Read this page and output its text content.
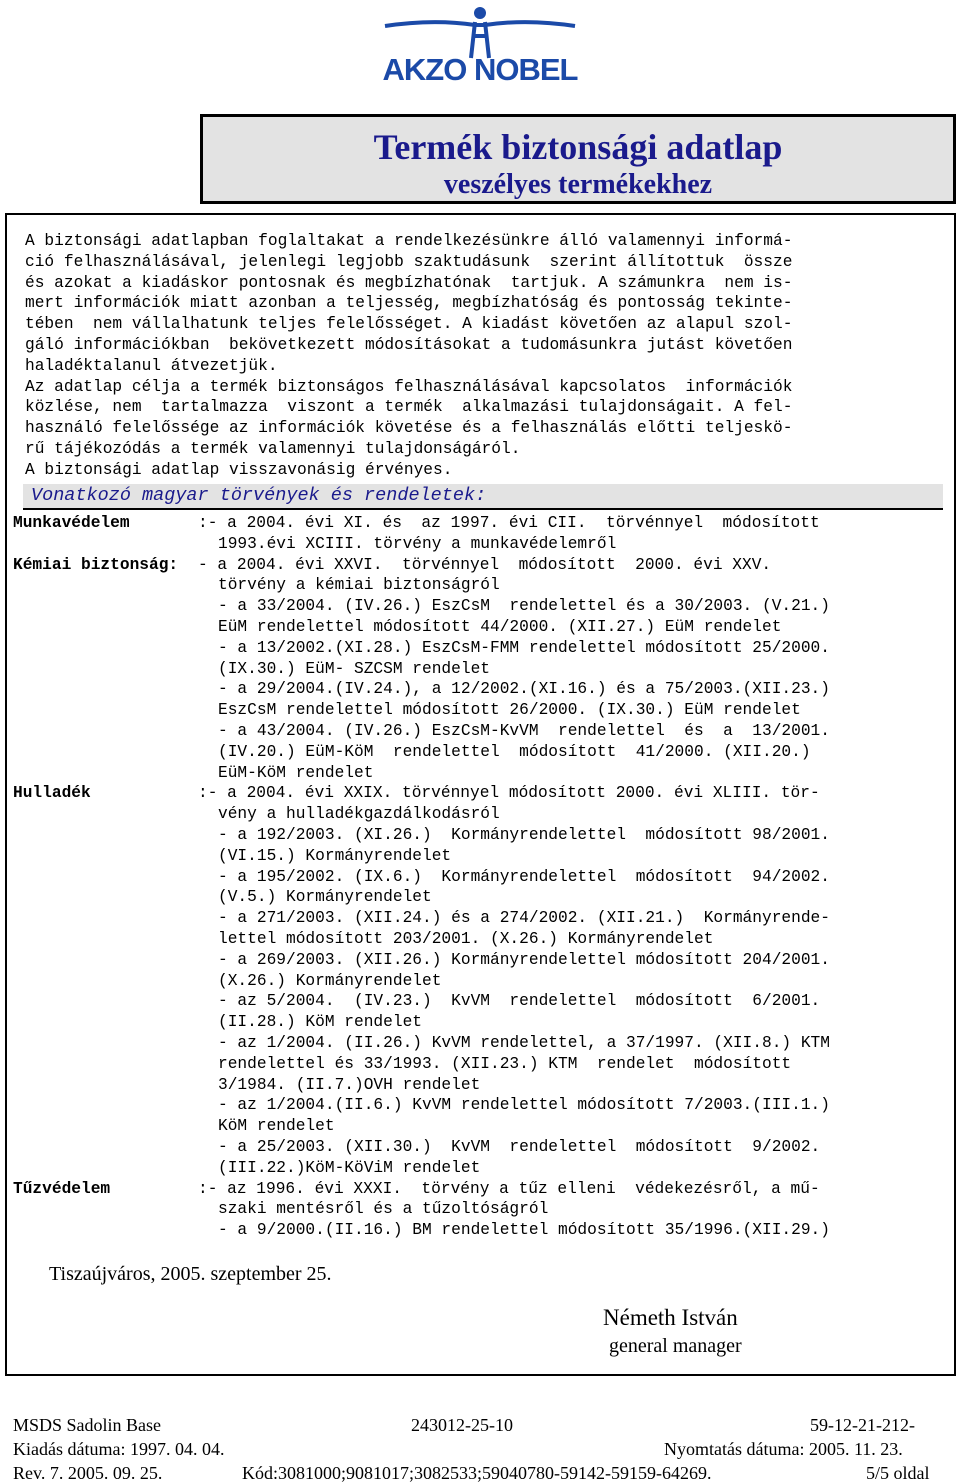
AKZO NOBEL
Termék biztonsági adatlap
veszélyes termékekhez
A biztonsági adatlapban foglaltakat a rendelkezésünkre álló valamennyi informá-
ció felhasználásával, jelenlegi legjobb szaktudásunk  szerint állítottuk  össze
és azokat a kiadáskor pontosnak és megbízhatónak  tartjuk. A számunkra  nem is-
mert információk miatt azonban a teljesség, megbízhatóság és pontosság tekinte-
tében  nem vállalhatunk teljes felelősséget. A kiadást követően az alapul szol-
gáló információkban  bekövetkezett módosításokat a tudomásunkra jutást követően
haladéktalanul átvezetjük.
Az adatlap célja a termék biztonságos felhasználásával kapcsolatos  információk
közlése, nem  tartalmazza  viszont a termék  alkalmazási tulajdonságait. A fel-
használó felelőssége az információk követése és a felhasználás előtti teljeskö-
rű tájékozódás a termék valamennyi tulajdonságáról.
A biztonsági adatlap visszavonásig érvényes.
Vonatkozó magyar törvények és rendeletek:
Munkavédelem	:- a 2004. évi XI. és  az 1997. évi CII.  törvénnyel  módosított
1993.évi XCIII. törvény a munkavédelemről
Kémiai biztonság: - a 2004. évi XXVI.  törvénnyel  módosított  2000. évi XXV.
törvény a kémiai biztonságról
- a 33/2004. (IV.26.) EszCsM  rendelettel és a 30/2003. (V.21.)
EüM rendelettel módosított 44/2000. (XII.27.) EüM rendelet
- a 13/2002.(XI.28.) EszCsM-FMM rendelettel módosított 25/2000.
(IX.30.) EüM- SZCSM rendelet
- a 29/2004.(IV.24.), a 12/2002.(XI.16.) és a 75/2003.(XII.23.)
EszCsM rendelettel módosított 26/2000. (IX.30.) EüM rendelet
- a 43/2004. (IV.26.) EszCsM-KvVM  rendelettel  és  a  13/2001.
(IV.20.) EüM-KöM  rendelettel  módosított  41/2000. (XII.20.)
EüM-KöM rendelet
Hulladék	:- a 2004. évi XXIX. törvénnyel módosított 2000. évi XLIII. tör-
vény a hulladékgazdálkodásról
- a 192/2003. (XI.26.)  Kormányrendelettel  módosított 98/2001.
(VI.15.) Kormányrendelet
- a 195/2002. (IX.6.)  Kormányrendelettel  módosított  94/2002.
(V.5.) Kormányrendelet
- a 271/2003. (XII.24.) és a 274/2002. (XII.21.)  Kormányrende-
lettel módosított 203/2001. (X.26.) Kormányrendelet
- a 269/2003. (XII.26.) Kormányrendelettel módosított 204/2001.
(X.26.) Kormányrendelet
- az 5/2004.  (IV.23.)  KvVM  rendelettel  módosított  6/2001.
(II.28.) KöM rendelet
- az 1/2004. (II.26.) KvVM rendelettel, a 37/1997. (XII.8.) KTM
rendelettel és 33/1993. (XII.23.) KTM  rendelet  módosított
3/1984. (II.7.)OVH rendelet
- az 1/2004.(II.6.) KvVM rendelettel módosított 7/2003.(III.1.)
KöM rendelet
- a 25/2003. (XII.30.)  KvVM  rendelettel  módosított  9/2002.
(III.22.)KöM-KöViM rendelet
Tűzvédelem	:- az 1996. évi XXXI.  törvény a tűz elleni  védekezésről, a mű-
szaki mentésről és a tűzoltóságról
- a 9/2000.(II.16.) BM rendelettel módosított 35/1996.(XII.29.)
Tiszaújváros, 2005. szeptember 25.
Németh István
general manager
MSDS Sadolin Base	243012-25-10	59-12-21-212-
Kiadás dátuma: 1997. 04. 04.	Nyomtatás dátuma: 2005. 11. 23.
Rev. 7. 2005. 09. 25.	Kód:3081000;9081017;3082533;59040780-59142-59159-64269.	5/5 oldal
